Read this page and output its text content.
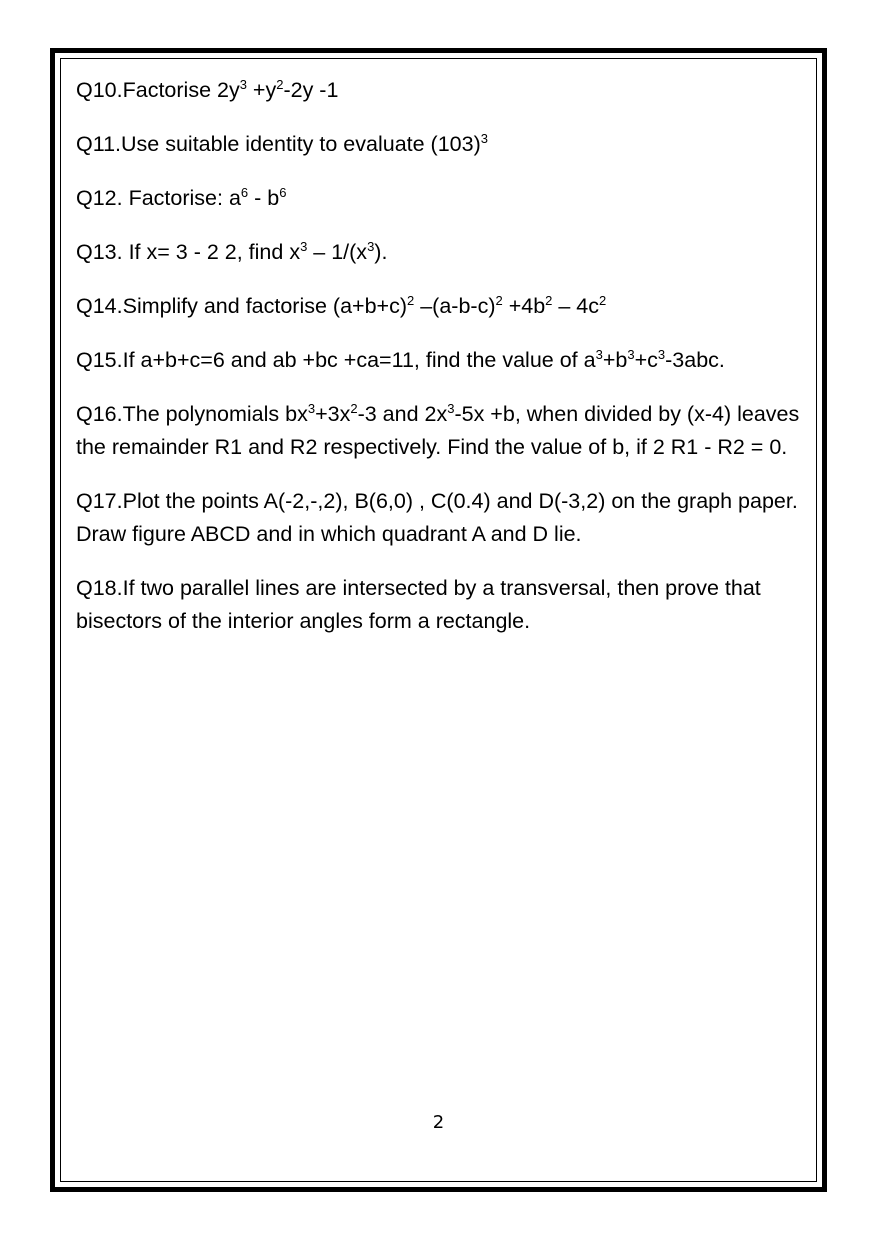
Q10.Factorise $2y^3 +y^2-2y$ -1

Q11.Use suitable identity to evaluate $(103)^3$

Q12. Factorise: $a^6 - b^6$

Q13. If x= 3 - 2 2, find $x^3 - 1/(x^3)$.

Q14.Simplify and factorise $(a+b+c)^2$ $-(a-b-c)^2 +4b^2 - 4c^2$

Q15.If a+b+c=6 and ab +bc +ca=11, find the value of $a^3+b^3+c^3-3abc$.

Q16.The polynomials $bx^3+3x^2-3$ and $2x^3-5x +b$, when divided by (x-4) leaves the remainder R1 and R2 respectively. Find the value of b, if 2 R1 - R2 = 0.

Q17.Plot the points A(-2,-,2), B(6,0) , C(0.4) and D(-3,2) on the graph paper. Draw figure ABCD and in which quadrant A and D lie.

Q18.If two parallel lines are intersected by a transversal, then prove that bisectors of the interior angles form a rectangle.

2
